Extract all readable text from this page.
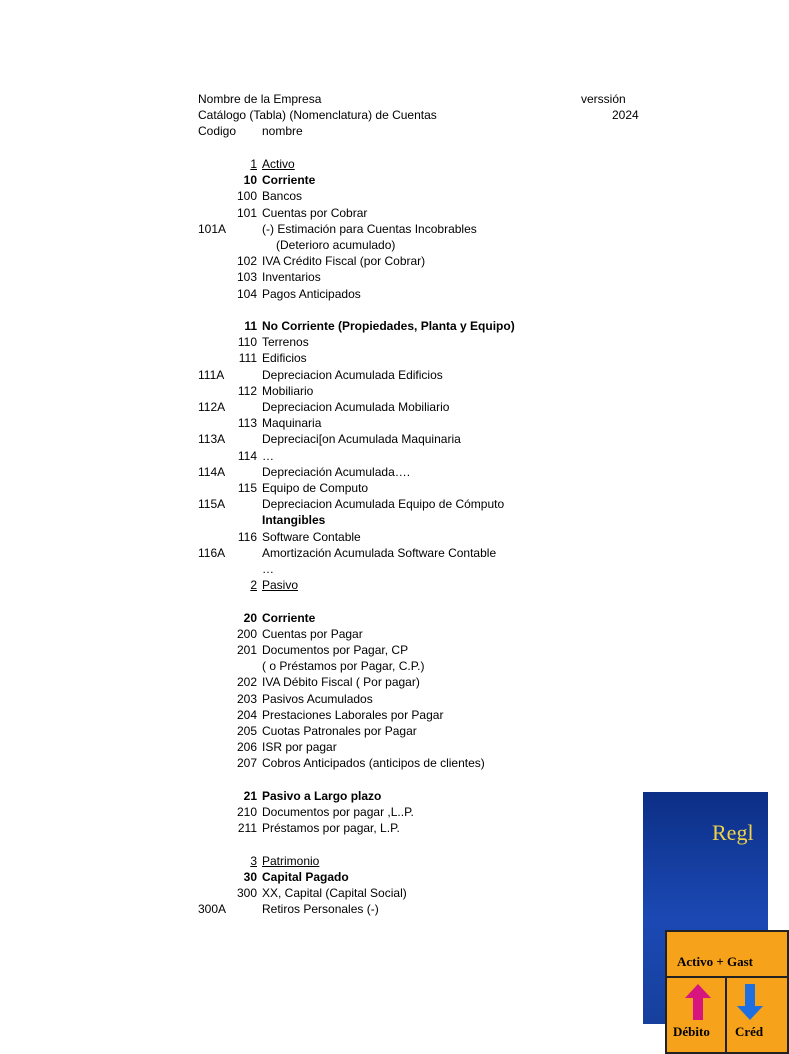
Nombre de la Empresa	verssión
Catálogo (Tabla) (Nomenclatura) de Cuentas	2024
Codigo nombre
1 Activo
10 Corriente
100 Bancos
101 Cuentas por Cobrar
101A	(-) Estimación para Cuentas Incobrables
(Deterioro acumulado)
102 IVA Crédito Fiscal (por Cobrar)
103 Inventarios
104 Pagos Anticipados
11 No Corriente (Propiedades, Planta y Equipo)
110 Terrenos
111 Edificios
111A	Depreciacion Acumulada Edificios
112 Mobiliario
112A	Depreciacion Acumulada Mobiliario
113 Maquinaria
113A	Depreciaci[on Acumulada Maquinaria
114 …
114A	Depreciación Acumulada….
115 Equipo de Computo
115A	Depreciacion Acumulada Equipo de Cómputo
Intangibles
116 Software Contable
116A	Amortización Acumulada Software Contable
…
2 Pasivo
20 Corriente
200 Cuentas por Pagar
201 Documentos por Pagar, CP
( o Préstamos por Pagar, C.P.)
202 IVA Débito Fiscal ( Por pagar)
203 Pasivos Acumulados
204 Prestaciones Laborales por Pagar
205 Cuotas Patronales por Pagar
206 ISR por pagar
207 Cobros Anticipados (anticipos de clientes)
21 Pasivo a Largo plazo
210 Documentos por pagar ,L..P.
211 Préstamos por pagar, L.P.
3 Patrimonio
30 Capital Pagado
300 XX, Capital (Capital Social)
300A	Retiros Personales (-)
Regl
Activo + Gast
Débito Créd
